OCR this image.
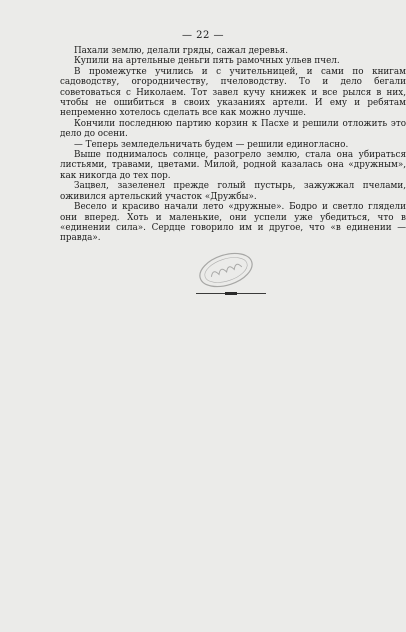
— 22 —

Пахали землю, делали гряды, сажал деревья.

Купили на артельные деньги пять рамочных ульев пчел.

В промежутке учились и с учительницей, и сами по книгам садоводству, огородничеству, пчеловодству. То и дело бегали советоваться с Николаем. Тот завел кучу книжек и все рылся в них, чтобы не ошибиться в своих указаниях артели. И ему и ребятам непременно хотелось сделать все как можно лучше.

Кончили последнюю партию корзин к Пасхе и решили отложить это дело до осени.

— Теперь земледельничать будем — решили единогласно.

Выше поднималось солнце, разогрело землю, стала она убираться листьями, травами, цветами. Милой, родной казалась она «дружным», как никогда до тех пор.

Зацвел, зазеленел прежде голый пустырь, зажужжал пчелами, оживился артельский участок «Дружбы».

Весело и красиво начали лето «дружные». Бодро и светло глядели они вперед. Хоть и маленькие, они успели уже убедиться, что в «единении сила». Сердце говорило им и другое, что «в единении — правда».
